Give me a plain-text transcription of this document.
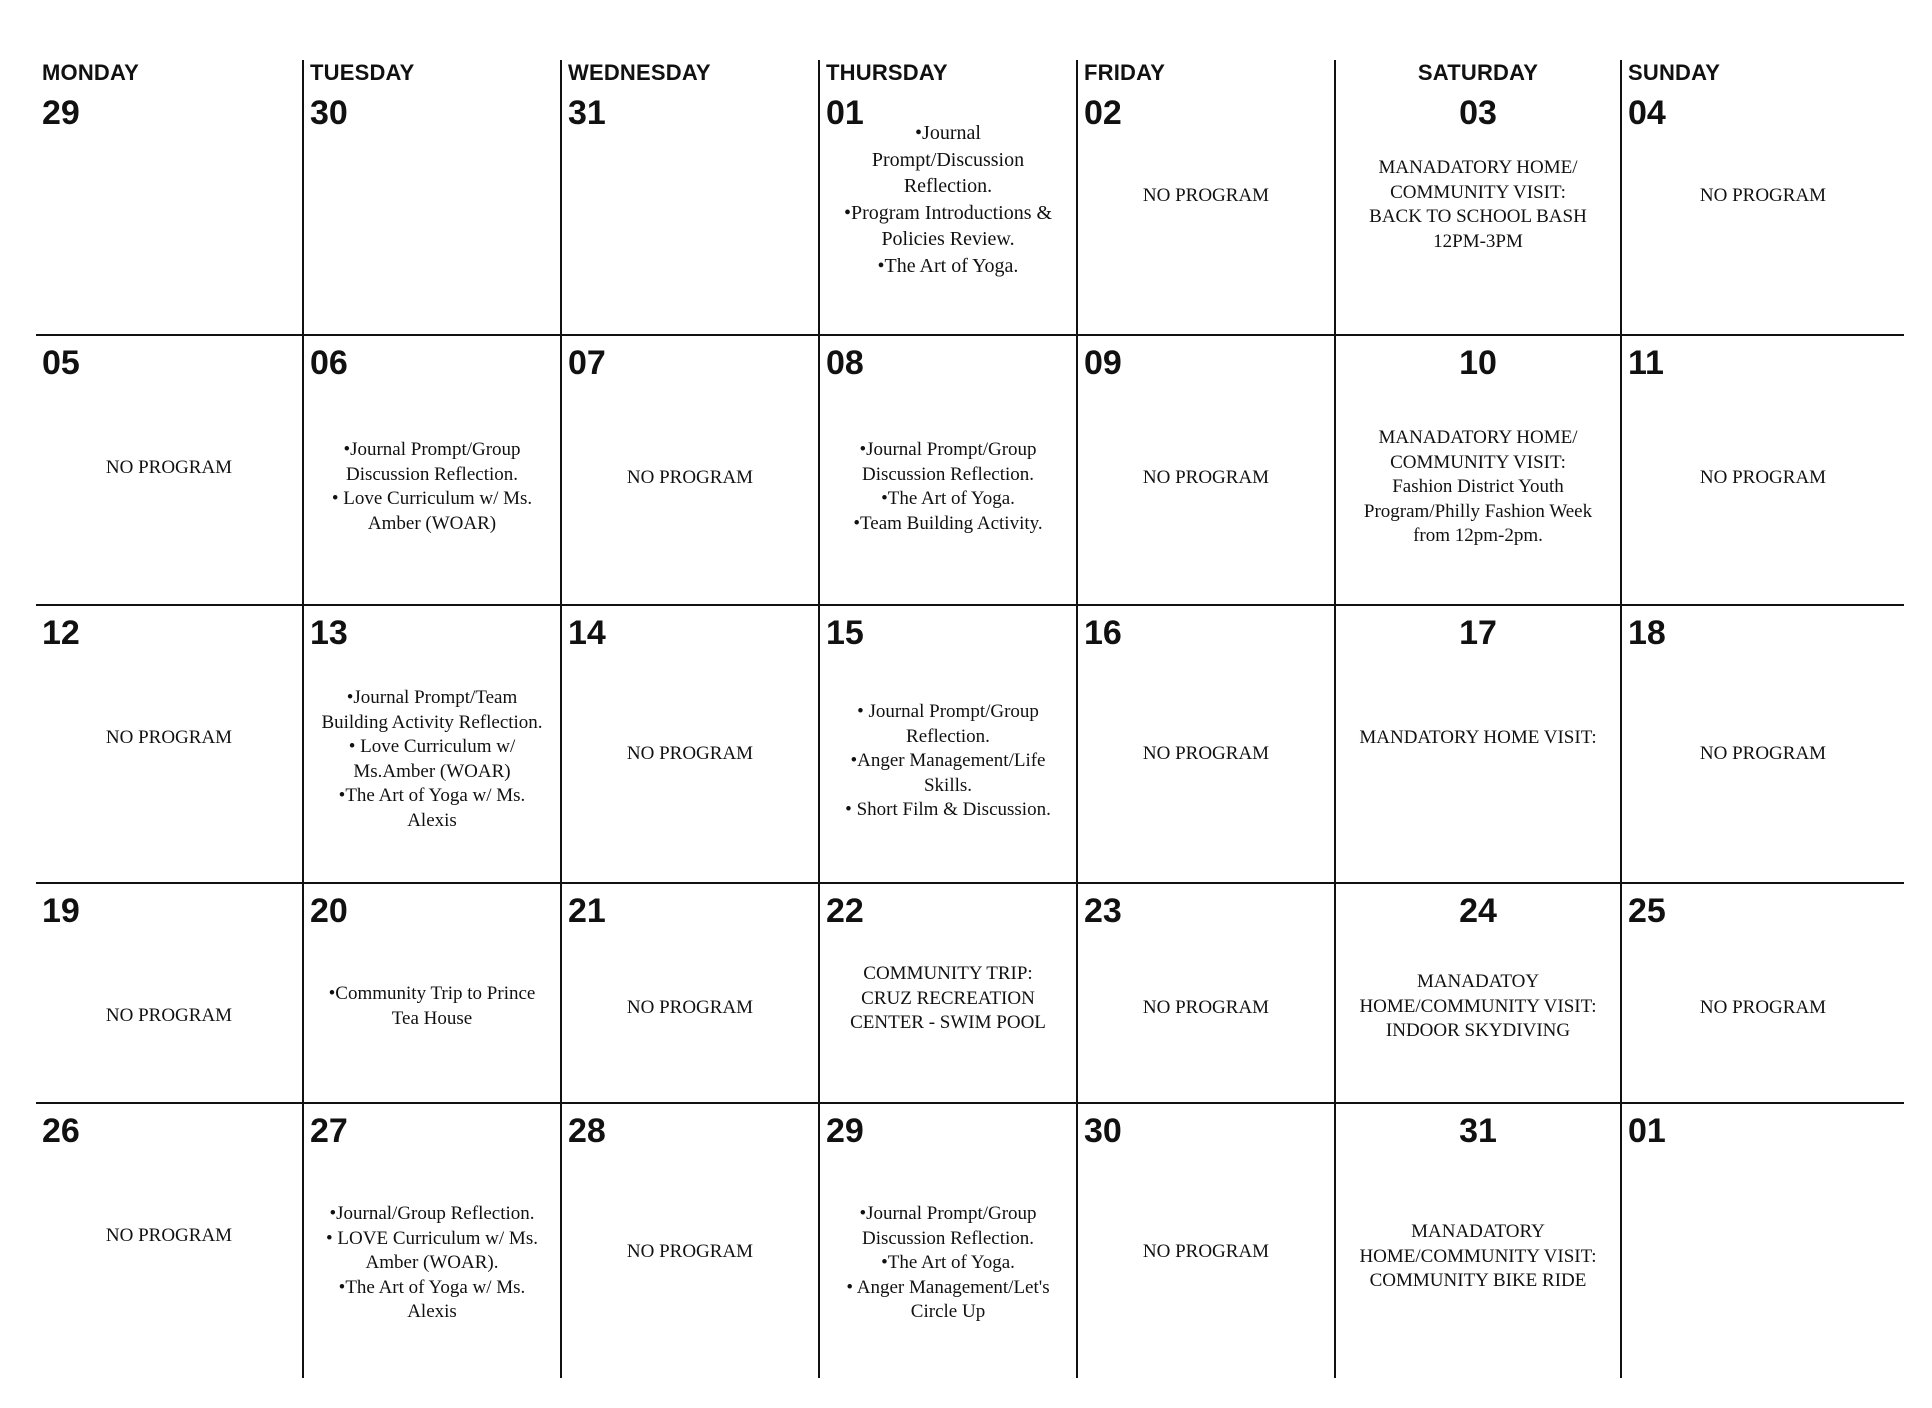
MONDAY
29
TUESDAY
30
WEDNESDAY
31
THURSDAY
01
•Journal
Prompt/Discussion
Reflection.
•Program Introductions &
Policies Review.
•The Art of Yoga.
FRIDAY
02
NO PROGRAM
SATURDAY
03
MANADATORY HOME/
COMMUNITY VISIT:
BACK TO SCHOOL BASH
12PM-3PM
SUNDAY
04
NO PROGRAM
05
NO PROGRAM
06
•Journal Prompt/Group
Discussion Reflection.
• Love Curriculum w/ Ms.
Amber (WOAR)
07
NO PROGRAM
08
•Journal Prompt/Group
Discussion Reflection.
•The Art of Yoga.
•Team Building Activity.
09
NO PROGRAM
10
MANADATORY HOME/
COMMUNITY VISIT:
Fashion District Youth
Program/Philly Fashion Week
from 12pm-2pm.
11
NO PROGRAM
12
NO PROGRAM
13
•Journal Prompt/Team
Building Activity Reflection.
• Love Curriculum w/
Ms.Amber (WOAR)
•The Art of Yoga w/ Ms.
Alexis
14
NO PROGRAM
15
• Journal Prompt/Group
Reflection.
•Anger Management/Life
Skills.
• Short Film & Discussion.
16
NO PROGRAM
17
MANDATORY HOME VISIT:
18
NO PROGRAM
19
NO PROGRAM
20
•Community Trip to Prince
Tea House
21
NO PROGRAM
22
COMMUNITY TRIP:
CRUZ RECREATION
CENTER - SWIM POOL
23
NO PROGRAM
24
MANADATOY
HOME/COMMUNITY VISIT:
INDOOR SKYDIVING
25
NO PROGRAM
26
NO PROGRAM
27
•Journal/Group Reflection.
• LOVE Curriculum w/ Ms.
Amber (WOAR).
•The Art of Yoga w/ Ms.
Alexis
28
NO PROGRAM
29
•Journal Prompt/Group
Discussion Reflection.
•The Art of Yoga.
• Anger Management/Let's
Circle Up
30
NO PROGRAM
31
MANADATORY
HOME/COMMUNITY VISIT:
COMMUNITY BIKE RIDE
01
